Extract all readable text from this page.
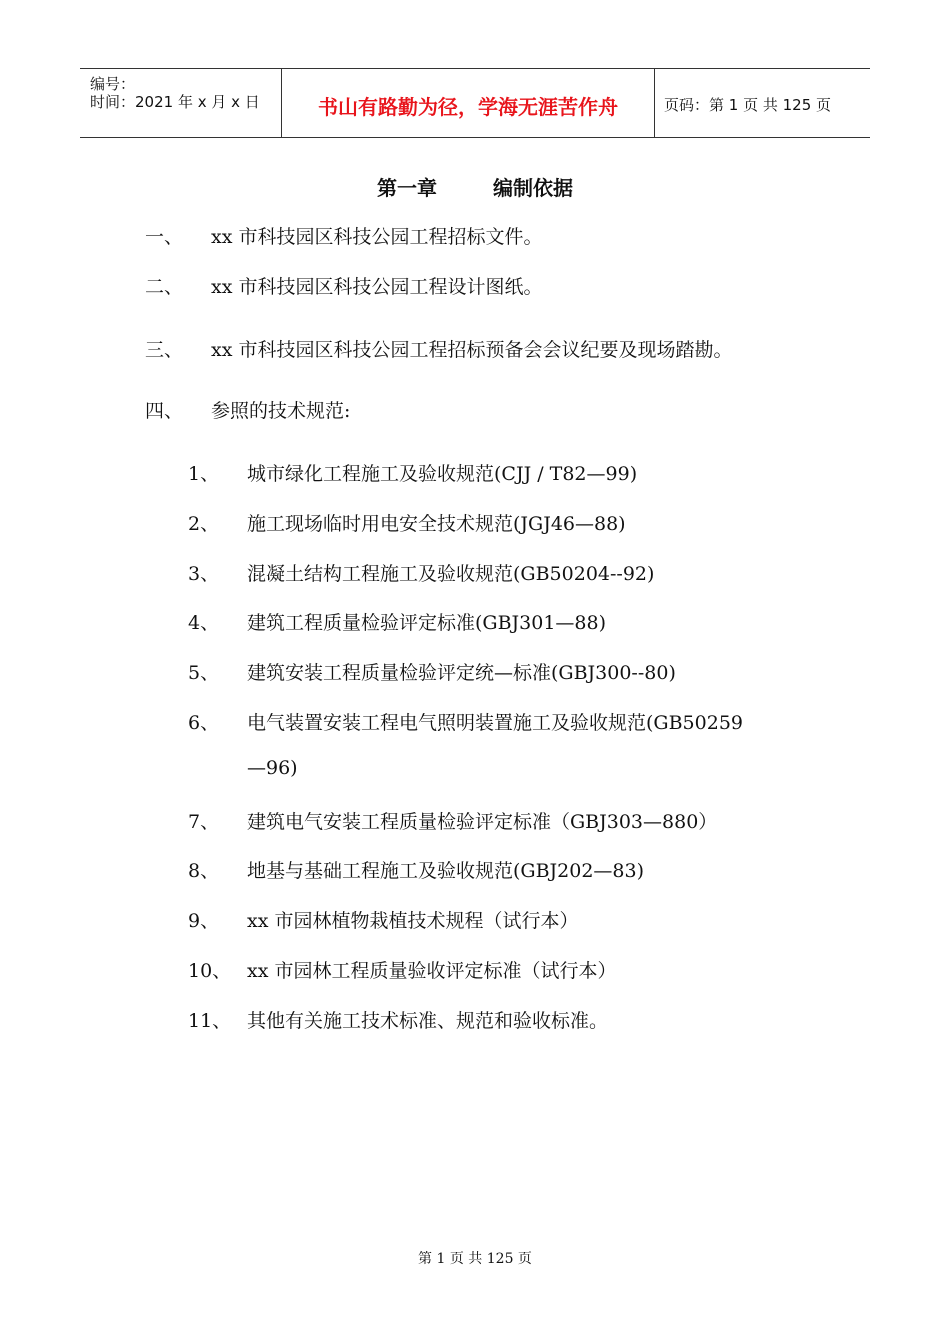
编号：
时间：2021 年 x 月 x 日	书山有路勤为径，学海无涯苦作舟	页码：第 1 页 共 125 页
第一章	编制依据
一、 xx 市科技园区科技公园工程招标文件。
二、 xx 市科技园区科技公园工程设计图纸。
三、 xx 市科技园区科技公园工程招标预备会会议纪要及现场踏勘。
四、 参照的技术规范:
1、 城市绿化工程施工及验收规范(CJJ / T82—99)
2、 施工现场临时用电安全技术规范(JGJ46—88)
3、 混凝土结构工程施工及验收规范(GB50204--92)
4、 建筑工程质量检验评定标准(GBJ301—88)
5、 建筑安装工程质量检验评定统—标准(GBJ300--80)
6、 电气装置安装工程电气照明装置施工及验收规范(GB50259
—96)
7、 建筑电气安装工程质量检验评定标准（GBJ303—880）
8、 地基与基础工程施工及验收规范(GBJ202—83)
9、 xx 市园林植物栽植技术规程（试行本）
10、 xx 市园林工程质量验收评定标准（试行本）
11、 其他有关施工技术标准、规范和验收标准。
第 1 页 共 125 页
